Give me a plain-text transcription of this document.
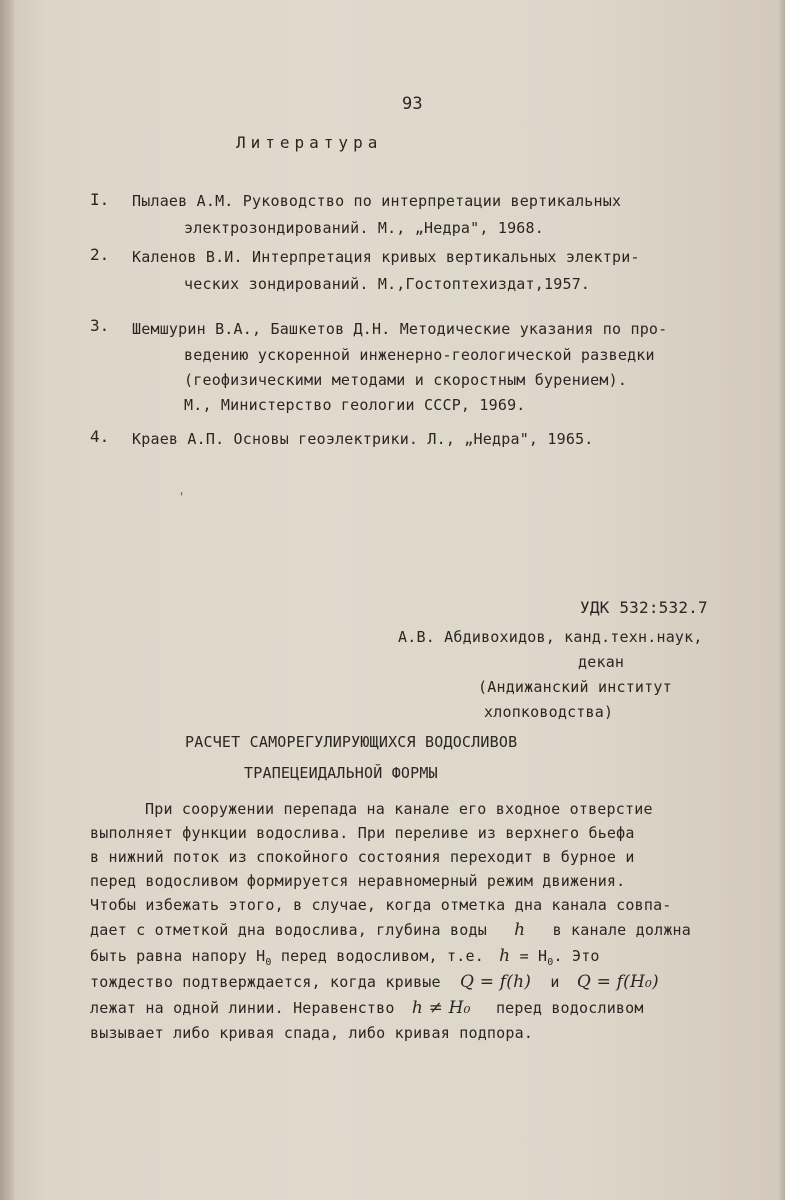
93
Литература
I. Пылаев А.М. Руководство по интерпретации вертикальных
электрозондирований. М., „Недра", 1968.
2. Каленов В.И. Интерпретация кривых вертикальных электри-
ческих зондирований. М.,Гостоптехиздат,1957.
3. Шемшурин В.А., Башкетов Д.Н. Методические указания по про-
ведению ускоренной инженерно-геологической разведки
(геофизическими методами и скоростным бурением).
М., Министерство геологии СССР, 1969.
4. Краев А.П. Основы геоэлектрики. Л., „Недра", 1965.
'
УДК 532:532.7
А.В. Абдивохидов, канд.техн.наук,
декан
(Андижанский институт
хлопководства)
РАСЧЕТ САМОРЕГУЛИРУЮЩИХСЯ ВОДОСЛИВОВ
ТРАПЕЦЕИДАЛЬНОЙ ФОРМЫ
При сооружении перепада на канале его входное отверстие
выполняет функции водослива. При переливе из верхнего бьефа
в нижний поток из спокойного состояния переходит в бурное и
перед водосливом формируется неравномерный режим движения.
Чтобы избежать этого, в случае, когда отметка дна канала совпа-
дает с отметкой дна водослива, глубина воды h в канале должна
быть равна напору $H_0$ перед водосливом, т.е. $h = H_0$. Это
тождество подтверждается, когда кривые Q = f(h) и Q = f(H₀)
лежат на одной линии. Неравенство h ≠ H₀ перед водосливом
вызывает либо кривая спада, либо кривая подпора.
